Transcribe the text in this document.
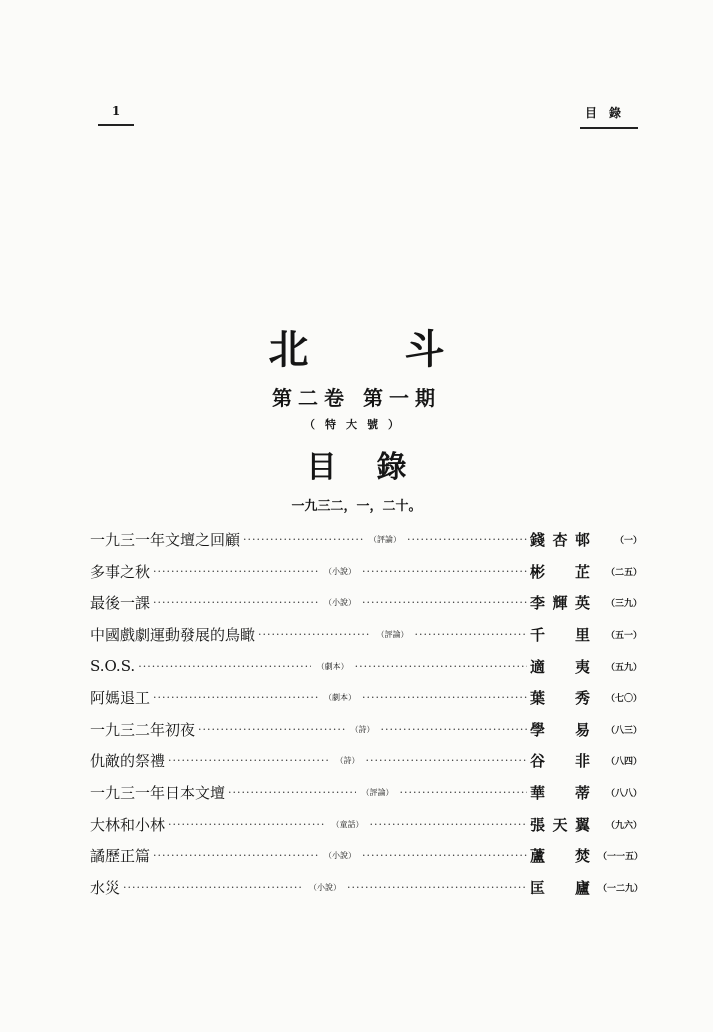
1	目錄
北斗
第二卷 第一期
（特大號）
目錄
一九三二，一，二十。
一九三一年文壇之回顧 ·····	（評論） ·····	錢杏邨	（一）
多事之秋 ·····	（小說） ·····	彬芷	（二五）
最後一課 ·····	（小說） ·····	李輝英	（三九）
中國戲劇運動發展的鳥瞰 ·····	（評論） ·····	千里	（五一）
S.O.S. ·····	（劇本） ·····	適夷	（五九）
阿媽退工 ·····	（劇本） ·····	葉秀	（七〇）
一九三二年初夜 ·····	（詩） ·····	學易	（八三）
仇敵的祭禮 ·····	（詩） ·····	谷非	（八四）
一九三一年日本文壇 ·····	（評論） ·····	華蒂	（八八）
大林和小林 ·····	（童話） ·····	張天翼	（九六）
譎歷正篇 ·····	（小說） ·····	蘆焚 （一一五）
水災 ·····	（小說） ·····	匡廬 （一二九）
